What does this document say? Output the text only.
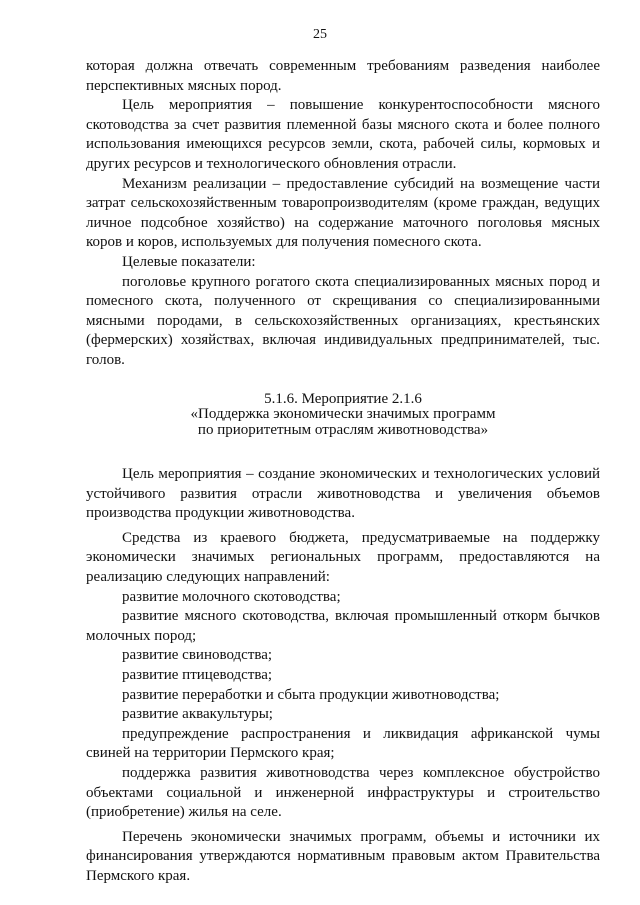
25

которая должна отвечать современным требованиям разведения наиболее перспективных мясных пород.

Цель мероприятия – повышение конкурентоспособности мясного скотоводства за счет развития племенной базы мясного скота и более полного использования имеющихся ресурсов земли, скота, рабочей силы, кормовых и других ресурсов и технологического обновления отрасли.

Механизм реализации – предоставление субсидий на возмещение части затрат сельскохозяйственным товаропроизводителям (кроме граждан, ведущих личное подсобное хозяйство) на содержание маточного поголовья мясных коров и коров, используемых для получения помесного скота.

Целевые показатели:

поголовье крупного рогатого скота специализированных мясных пород и помесного скота, полученного от скрещивания со специализированными мясными породами, в сельскохозяйственных организациях, крестьянских (фермерских) хозяйствах, включая индивидуальных предпринимателей, тыс. голов.

5.1.6. Мероприятие 2.1.6
«Поддержка экономически значимых программ
по приоритетным отраслям животноводства»

Цель мероприятия – создание экономических и технологических условий устойчивого развития отрасли животноводства и увеличения объемов производства продукции животноводства.

Средства из краевого бюджета, предусматриваемые на поддержку экономически значимых региональных программ, предоставляются на реализацию следующих направлений:

развитие молочного скотоводства;

развитие мясного скотоводства, включая промышленный откорм бычков молочных пород;

развитие свиноводства;

развитие птицеводства;

развитие переработки и сбыта продукции животноводства;

развитие аквакультуры;

предупреждение распространения и ликвидация африканской чумы свиней на территории Пермского края;

поддержка развития животноводства через комплексное обустройство объектами социальной и инженерной инфраструктуры и строительство (приобретение) жилья на селе.

Перечень экономически значимых программ, объемы и источники их финансирования утверждаются нормативным правовым актом Правительства Пермского края.
